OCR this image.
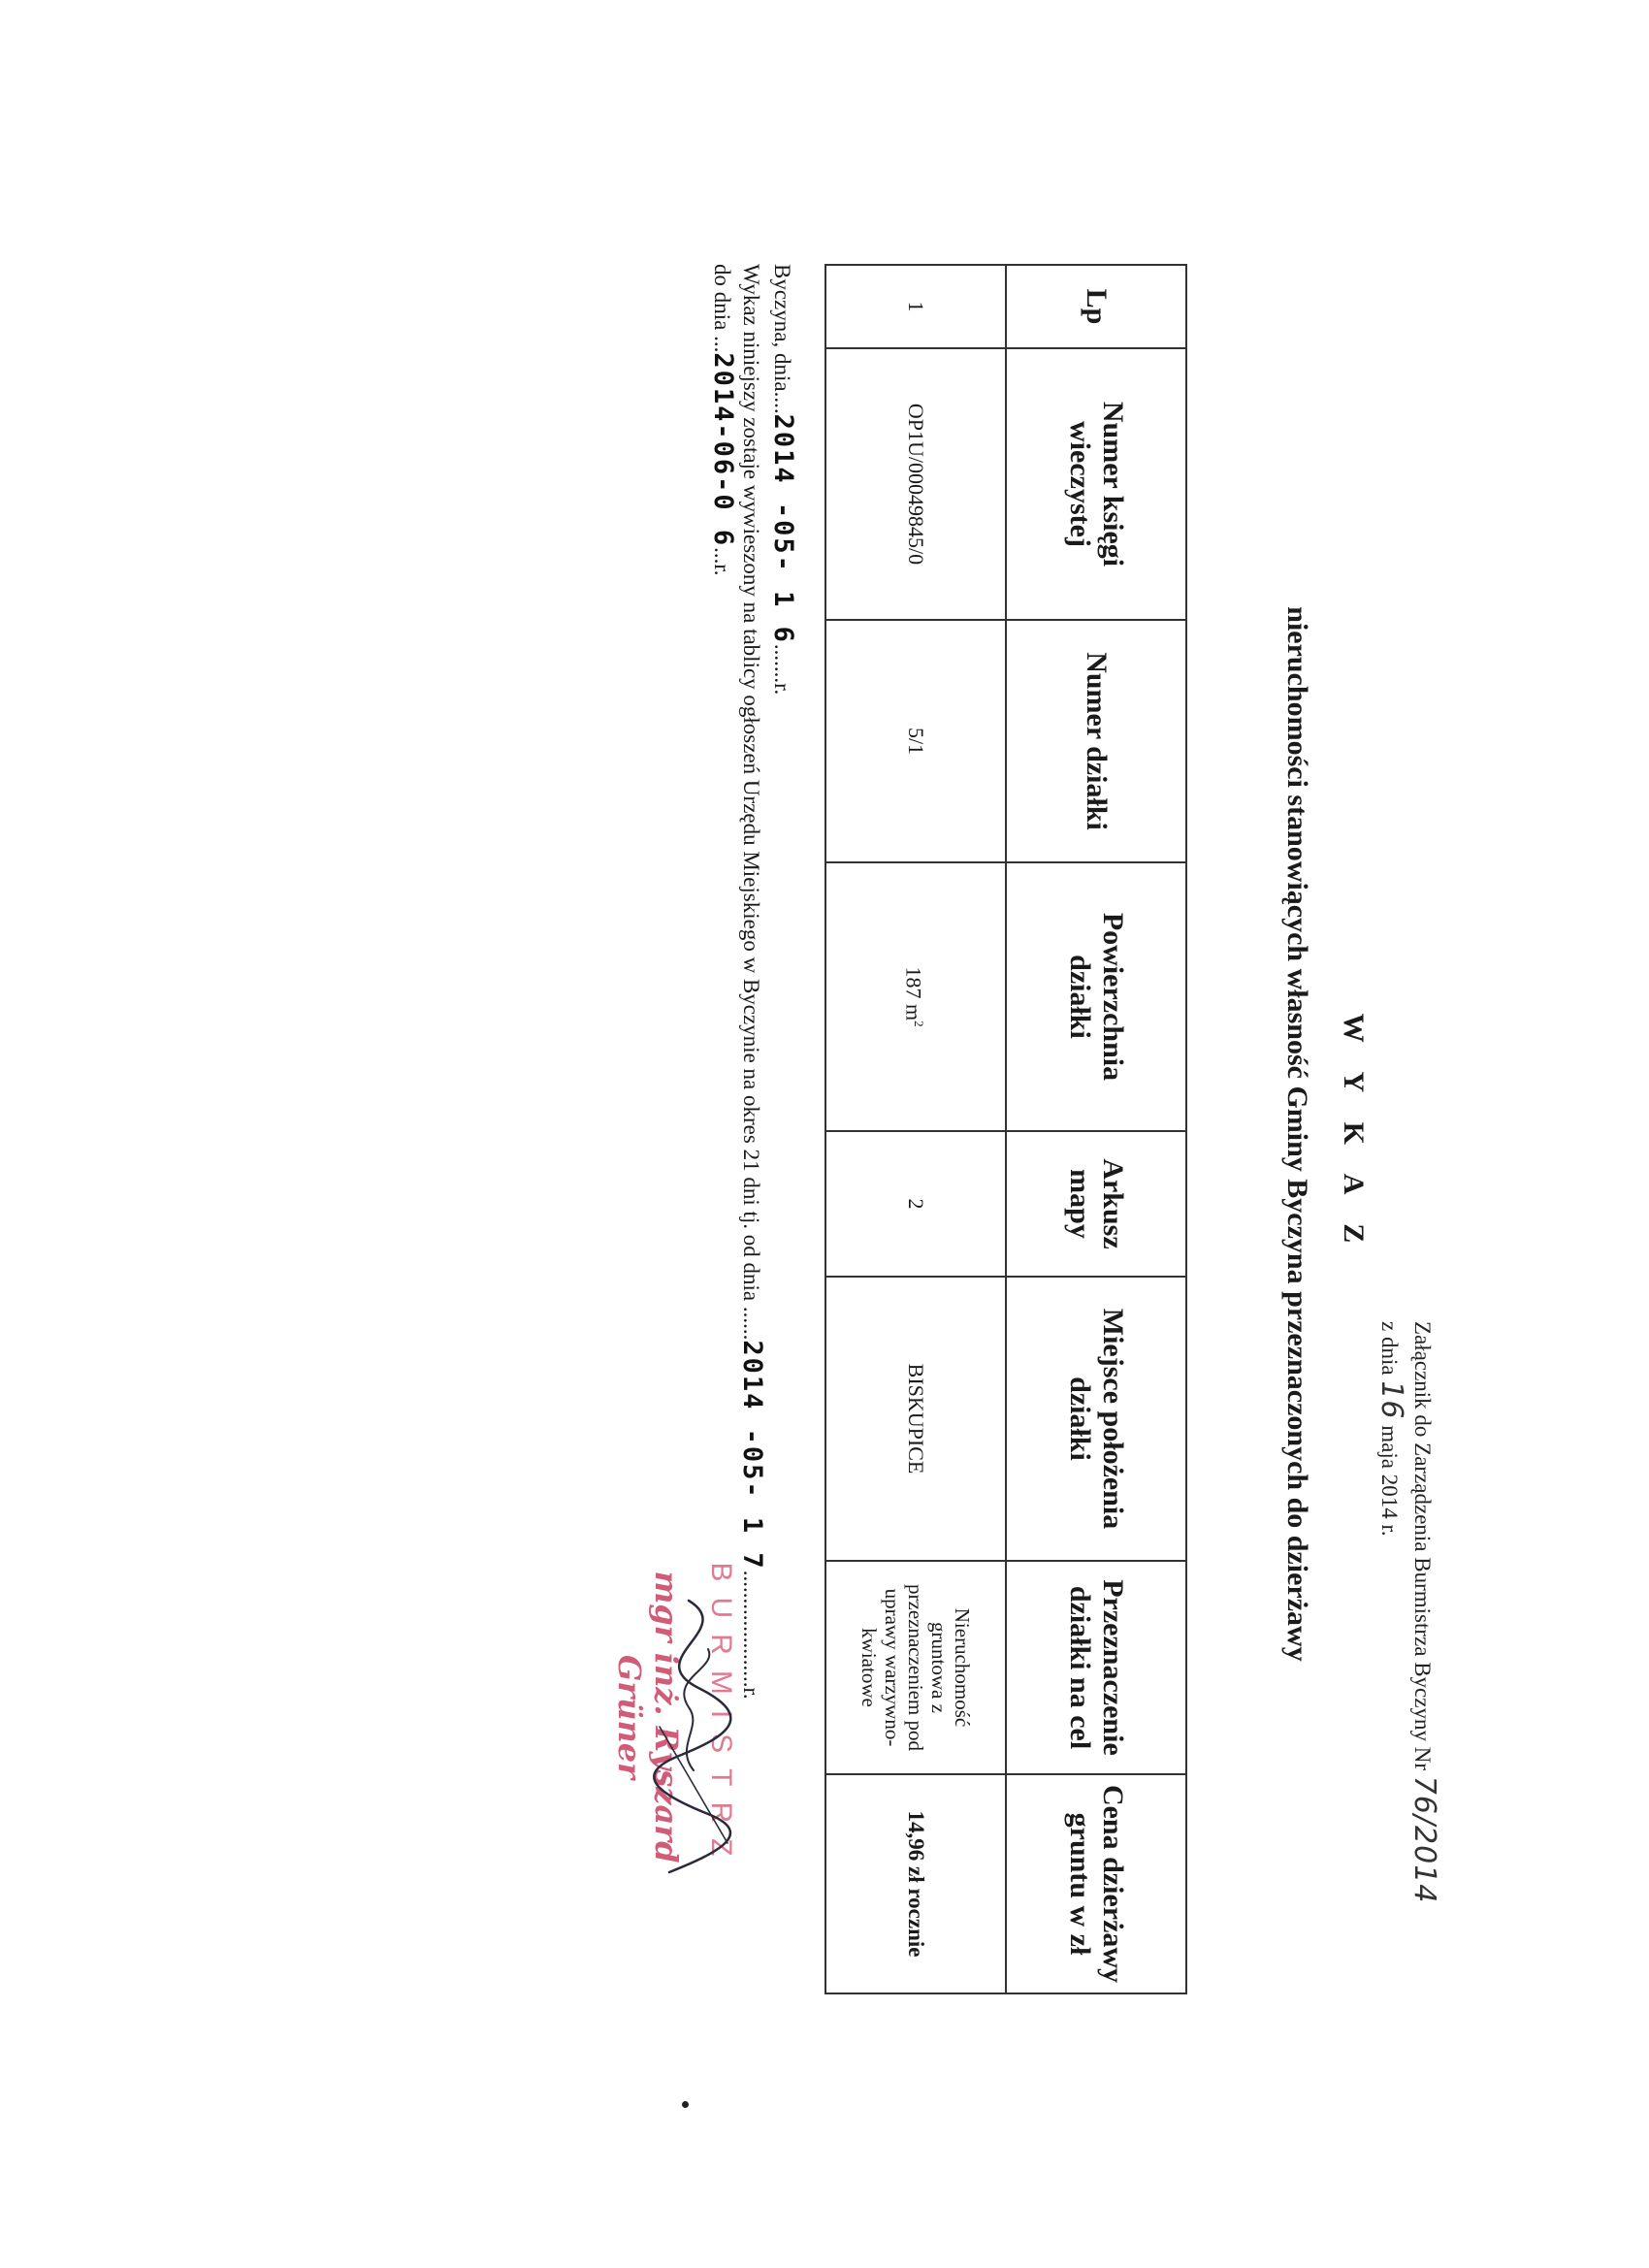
Załącznik do Zarządzenia Burmistrza Byczyny Nr 76/2014
z dnia 16 maja 2014 r.
W Y K A Z
nieruchomości stanowiących własność Gminy Byczyna przeznaczonych do dzierżawy
Lp	Numer księgi wieczystej	Numer działki	Powierzchnia działki	Arkusz mapy	Miejsce położenia działki	Przeznaczenie działki na cel	Cena dzierżawy gruntu w zł
1	OP1U/00049845/0	5/1	187 $m^2$	2	BISKUPICE	Nieruchomość gruntowa z przeznaczeniem pod uprawy warzywno-kwiatowe	14,96 zł rocznie
Byczyna, dnia....2014 -05- 1 6.......r.
Wykaz niniejszy zostaje wywieszony na tablicy ogłoszeń Urzędu Miejskiego w Byczynie na okres 21 dni tj. od dnia ......2014 -05- 1 7.....................r.
do dnia ...2014-06-0 6...r.
BURMISTRZ
mgr inż. Ryszard Grüner
